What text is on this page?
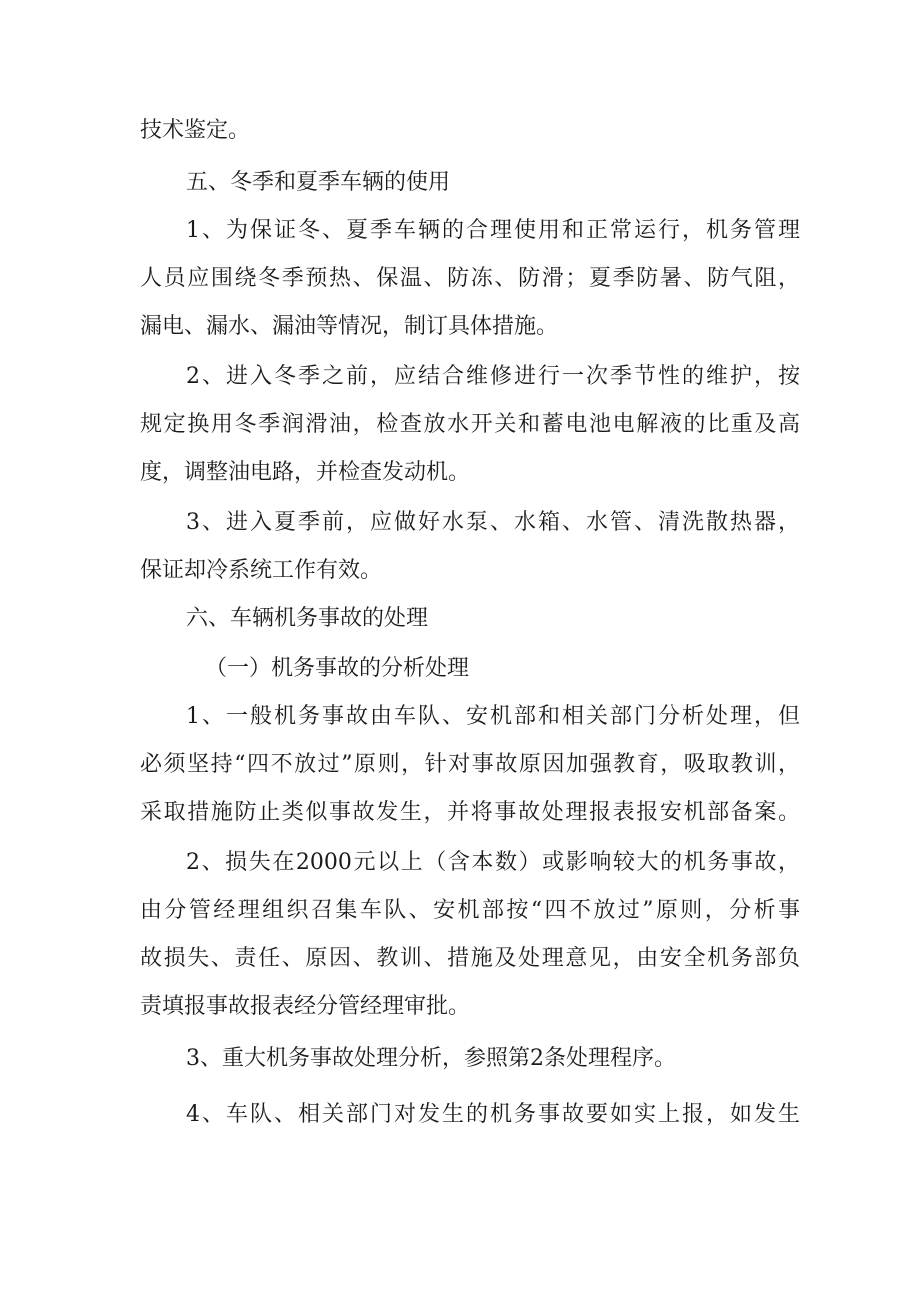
技术鉴定。
五、冬季和夏季车辆的使用
1、为保证冬、夏季车辆的合理使用和正常运行，机务管理
人员应围绕冬季预热、保温、防冻、防滑；夏季防暑、防气阻，
漏电、漏水、漏油等情况，制订具体措施。
2、进入冬季之前，应结合维修进行一次季节性的维护，按
规定换用冬季润滑油，检查放水开关和蓄电池电解液的比重及高
度，调整油电路，并检查发动机。
3、进入夏季前，应做好水泵、水箱、水管、清洗散热器，
保证却冷系统工作有效。
六、车辆机务事故的处理
（一）机务事故的分析处理
1、一般机务事故由车队、安机部和相关部门分析处理，但
必须坚持“四不放过”原则，针对事故原因加强教育，吸取教训，
采取措施防止类似事故发生，并将事故处理报表报安机部备案。
2、损失在2000元以上（含本数）或影响较大的机务事故，
由分管经理组织召集车队、安机部按“四不放过”原则，分析事
故损失、责任、原因、教训、措施及处理意见，由安全机务部负
责填报事故报表经分管经理审批。
3、重大机务事故处理分析，参照第2条处理程序。
4、车队、相关部门对发生的机务事故要如实上报，如发生
